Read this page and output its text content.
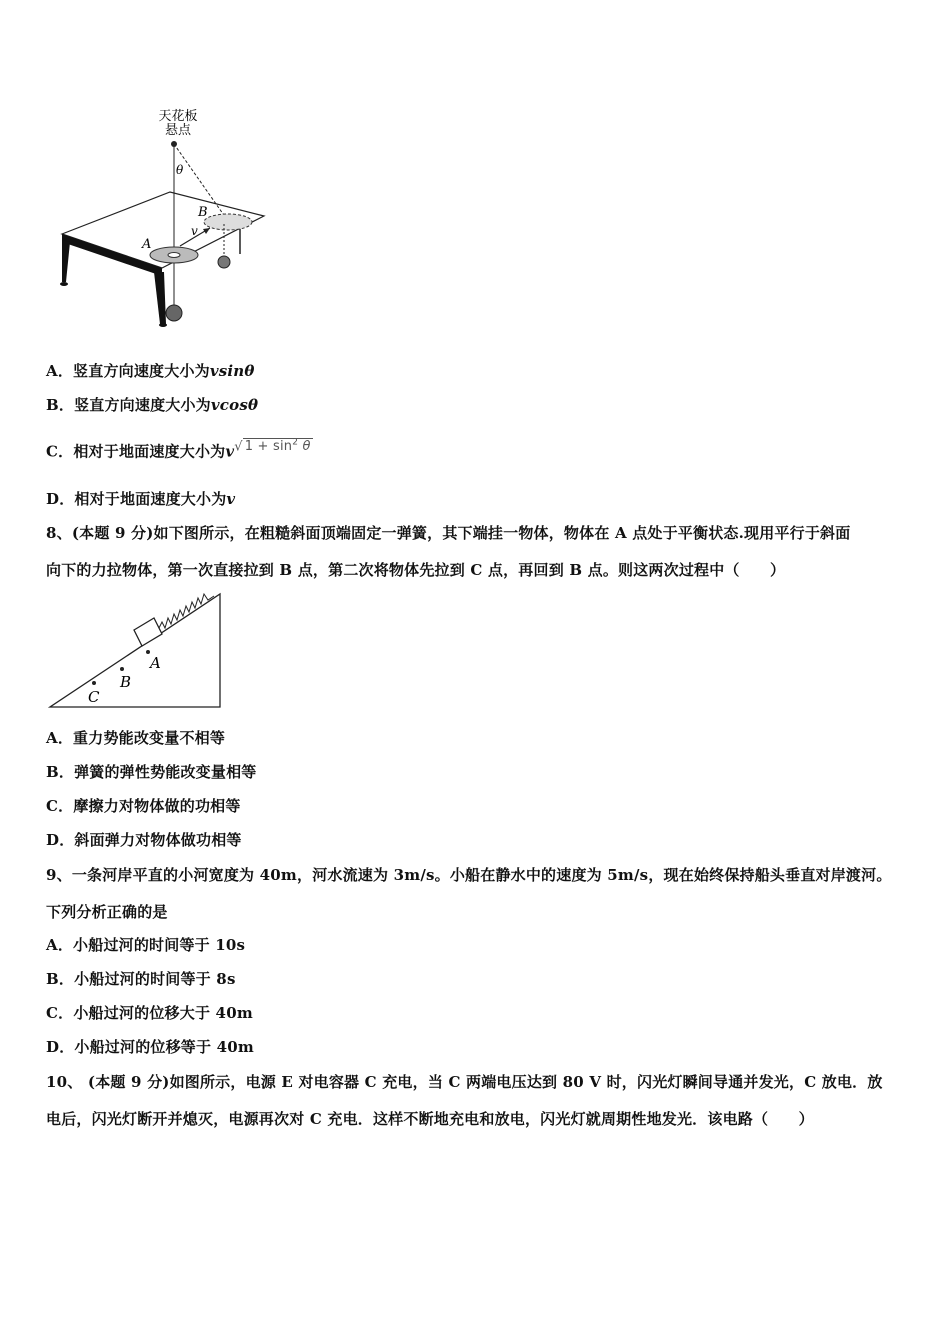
天花板
悬点
θ
A
B
v
A．竖直方向速度大小为vsinθ
B．竖直方向速度大小为vcosθ
C．相对于地面速度大小为v√ $1 + \sin^2 \theta$
D．相对于地面速度大小为v
8、(本题 9 分)如下图所示，在粗糙斜面顶端固定一弹簧，其下端挂一物体，物体在 A 点处于平衡状态.现用平行于斜面
向下的力拉物体，第一次直接拉到 B 点，第二次将物体先拉到 C 点，再回到 B 点。则这两次过程中（　　）
A
B
C
A．重力势能改变量不相等
B．弹簧的弹性势能改变量相等
C．摩擦力对物体做的功相等
D．斜面弹力对物体做功相等
9、一条河岸平直的小河宽度为 40m，河水流速为 3m/s。小船在静水中的速度为 5m/s，现在始终保持船头垂直对岸渡河。
下列分析正确的是
A．小船过河的时间等于 10s
B．小船过河的时间等于 8s
C．小船过河的位移大于 40m
D．小船过河的位移等于 40m
10、 (本题 9 分)如图所示，电源 E 对电容器 C 充电，当 C 两端电压达到 80 V 时，闪光灯瞬间导通并发光，C 放电．放
电后，闪光灯断开并熄灭，电源再次对 C 充电．这样不断地充电和放电，闪光灯就周期性地发光．该电路（　　）
